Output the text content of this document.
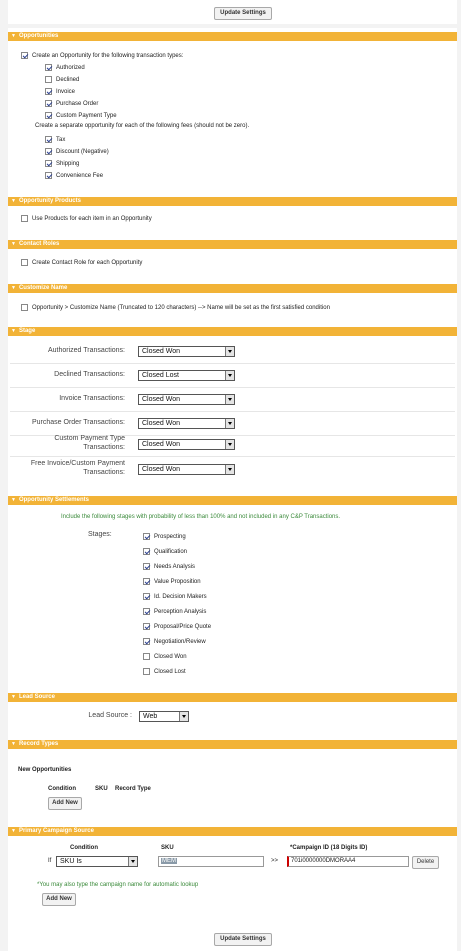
Update Settings
▼ Opportunities
Create an Opportunity for the following transaction types:
Authorized
Declined
Invoice
Purchase Order
Custom Payment Type
Create a separate opportunity for each of the following fees (should not be zero).
Tax
Discount (Negative)
Shipping
Convenience Fee
▼ Opportunity Products
Use Products for each item in an Opportunity
▼ Contact Roles
Create Contact Role for each Opportunity
▼ Customize Name
Opportunity > Customize Name (Truncated to 120 characters) --> Name will be set as the first satisfied condition
▼ Stage
Authorized Transactions:	Closed Won
Declined Transactions:	Closed Lost
Invoice Transactions:	Closed Won
Purchase Order Transactions:	Closed Won
Custom Payment Type
Transactions:	Closed Won
Free Invoice/Custom Payment
Transactions:	Closed Won
▼ Opportunity Settlements
Include the following stages with probability of less than 100% and not included in any C&P Transactions.
Stages:	Prospecting
Qualification
Needs Analysis
Value Proposition
Id. Decision Makers
Perception Analysis
Proposal/Price Quote
Negotiation/Review
Closed Won
Closed Lost
▼ Lead Source
Lead Source :	Web
▼ Record Types
New Opportunities
Condition	SKU Record Type
Add New
▼ Primary Campaign Source
Condition	SKU	*Campaign ID (18 Digits ID)
If	SKU Is	MEM	>>	701i0000000DMORAA4	Delete
*You may also type the campaign name for automatic lookup
Add New
Update Settings
